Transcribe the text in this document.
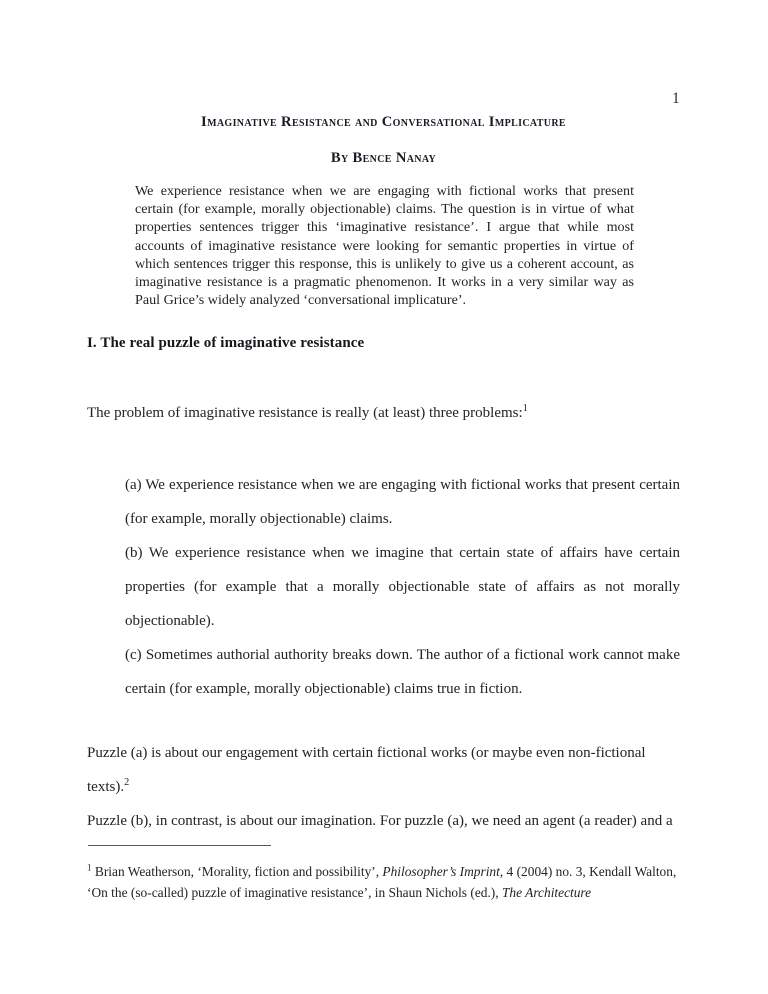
1
Imaginative Resistance and Conversational Implicature
By Bence Nanay
We experience resistance when we are engaging with fictional works that present certain (for example, morally objectionable) claims. The question is in virtue of what properties sentences trigger this ‘imaginative resistance’. I argue that while most accounts of imaginative resistance were looking for semantic properties in virtue of which sentences trigger this response, this is unlikely to give us a coherent account, as imaginative resistance is a pragmatic phenomenon. It works in a very similar way as Paul Grice’s widely analyzed ‘conversational implicature’.
I. The real puzzle of imaginative resistance
The problem of imaginative resistance is really (at least) three problems:$^1$

(a) We experience resistance when we are engaging with fictional works that present certain (for example, morally objectionable) claims.

(b) We experience resistance when we imagine that certain state of affairs have certain properties (for example that a morally objectionable state of affairs as not morally objectionable).

(c) Sometimes authorial authority breaks down. The author of a fictional work cannot make certain (for example, morally objectionable) claims true in fiction.

Puzzle (a) is about our engagement with certain fictional works (or maybe even non-fictional texts).$^2$

Puzzle (b), in contrast, is about our imagination. For puzzle (a), we need an agent (a reader) and a

$^1$ Brian Weatherson, ‘Morality, fiction and possibility’, Philosopher’s Imprint, 4 (2004) no. 3, Kendall Walton, ‘On the (so-called) puzzle of imaginative resistance’, in Shaun Nichols (ed.), The Architecture
